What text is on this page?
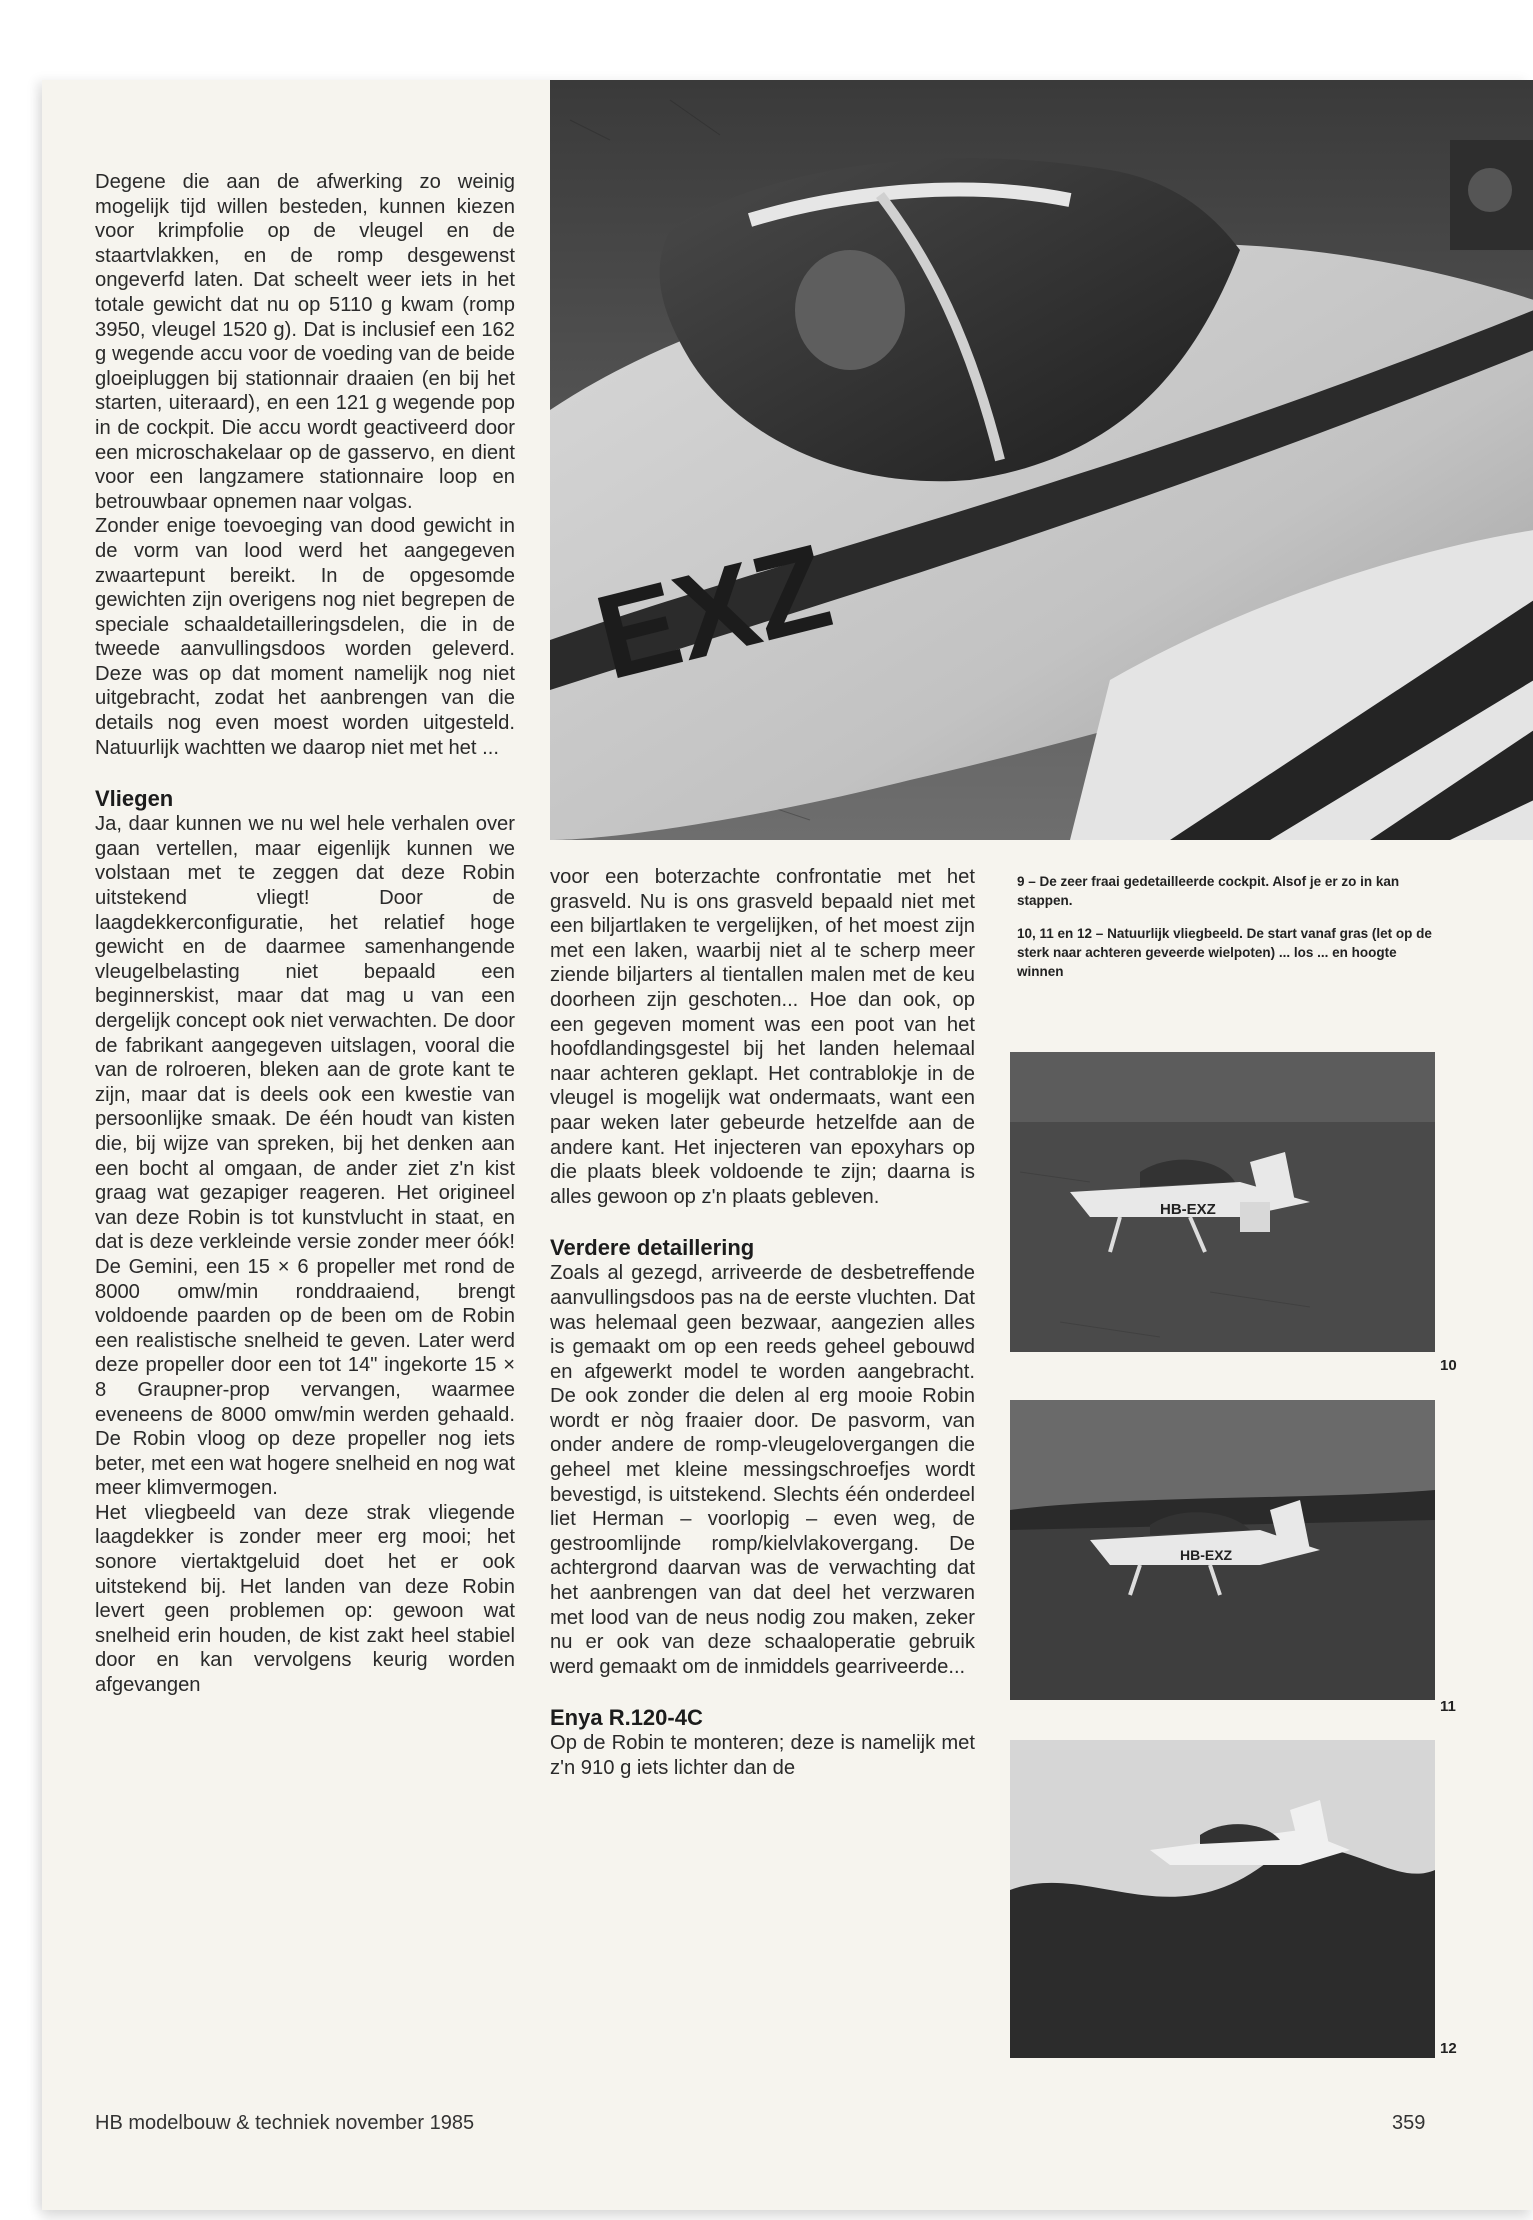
EXZ

Degene die aan de afwerking zo weinig mogelijk tijd willen besteden, kunnen kiezen voor krimpfolie op de vleugel en de staartvlakken, en de romp desgewenst ongeverfd laten. Dat scheelt weer iets in het totale gewicht dat nu op 5110 g kwam (romp 3950, vleugel 1520 g). Dat is inclusief een 162 g wegende accu voor de voeding van de beide gloeipluggen bij stationnair draaien (en bij het starten, uiteraard), en een 121 g wegende pop in de cockpit. Die accu wordt geactiveerd door een microschakelaar op de gasservo, en dient voor een langzamere stationnaire loop en betrouwbaar opnemen naar volgas.

Zonder enige toevoeging van dood gewicht in de vorm van lood werd het aangegeven zwaartepunt bereikt. In de opgesomde gewichten zijn overigens nog niet begrepen de speciale schaaldetailleringsdelen, die in de tweede aanvullingsdoos worden geleverd. Deze was op dat moment namelijk nog niet uitgebracht, zodat het aanbrengen van die details nog even moest worden uitgesteld. Natuurlijk wachtten we daarop niet met het ...

Vliegen

Ja, daar kunnen we nu wel hele verhalen over gaan vertellen, maar eigenlijk kunnen we volstaan met te zeggen dat deze Robin uitstekend vliegt! Door de laagdekkerconfiguratie, het relatief hoge gewicht en de daarmee samenhangende vleugelbelasting niet bepaald een beginnerskist, maar dat mag u van een dergelijk concept ook niet verwachten. De door de fabrikant aangegeven uitslagen, vooral die van de rolroeren, bleken aan de grote kant te zijn, maar dat is deels ook een kwestie van persoonlijke smaak. De één houdt van kisten die, bij wijze van spreken, bij het denken aan een bocht al omgaan, de ander ziet z'n kist graag wat gezapiger reageren. Het origineel van deze Robin is tot kunstvlucht in staat, en dat is deze verkleinde versie zonder meer óók! De Gemini, een 15 × 6 propeller met rond de 8000 omw/min ronddraaiend, brengt voldoende paarden op de been om de Robin een realistische snelheid te geven. Later werd deze propeller door een tot 14" ingekorte 15 × 8 Graupner-prop vervangen, waarmee eveneens de 8000 omw/min werden gehaald. De Robin vloog op deze propeller nog iets beter, met een wat hogere snelheid en nog wat meer klimvermogen.

Het vliegbeeld van deze strak vliegende laagdekker is zonder meer erg mooi; het sonore viertaktgeluid doet het er ook uitstekend bij. Het landen van deze Robin levert geen problemen op: gewoon wat snelheid erin houden, de kist zakt heel stabiel door en kan vervolgens keurig worden afgevangen

voor een boterzachte confrontatie met het grasveld. Nu is ons grasveld bepaald niet met een biljartlaken te vergelijken, of het moest zijn met een laken, waarbij niet al te scherp meer ziende biljarters al tientallen malen met de keu doorheen zijn geschoten... Hoe dan ook, op een gegeven moment was een poot van het hoofdlandingsgestel bij het landen helemaal naar achteren geklapt. Het contrablokje in de vleugel is mogelijk wat ondermaats, want een paar weken later gebeurde hetzelfde aan de andere kant. Het injecteren van epoxyhars op die plaats bleek voldoende te zijn; daarna is alles gewoon op z'n plaats gebleven.

Verdere detaillering

Zoals al gezegd, arriveerde de desbetreffende aanvullingsdoos pas na de eerste vluchten. Dat was helemaal geen bezwaar, aangezien alles is gemaakt om op een reeds geheel gebouwd en afgewerkt model te worden aangebracht. De ook zonder die delen al erg mooie Robin wordt er nòg fraaier door. De pasvorm, van onder andere de romp-vleugelovergangen die geheel met kleine messingschroefjes wordt bevestigd, is uitstekend. Slechts één onderdeel liet Herman – voorlopig – even weg, de gestroomlijnde romp/kielvlakovergang. De achtergrond daarvan was de verwachting dat het aanbrengen van dat deel het verzwaren met lood van de neus nodig zou maken, zeker nu er ook van deze schaaloperatie gebruik werd gemaakt om de inmiddels gearriveerde...

Enya R.120-4C

Op de Robin te monteren; deze is namelijk met z'n 910 g iets lichter dan de

9 – De zeer fraai gedetailleerde cockpit. Alsof je er zo in kan stappen.

10, 11 en 12 – Natuurlijk vliegbeeld. De start vanaf gras (let op de sterk naar achteren geveerde wielpoten) ... los ... en hoogte winnen

HB-EXZ
10
HB-EXZ
11
12
HB modelbouw & techniek november 1985	359
